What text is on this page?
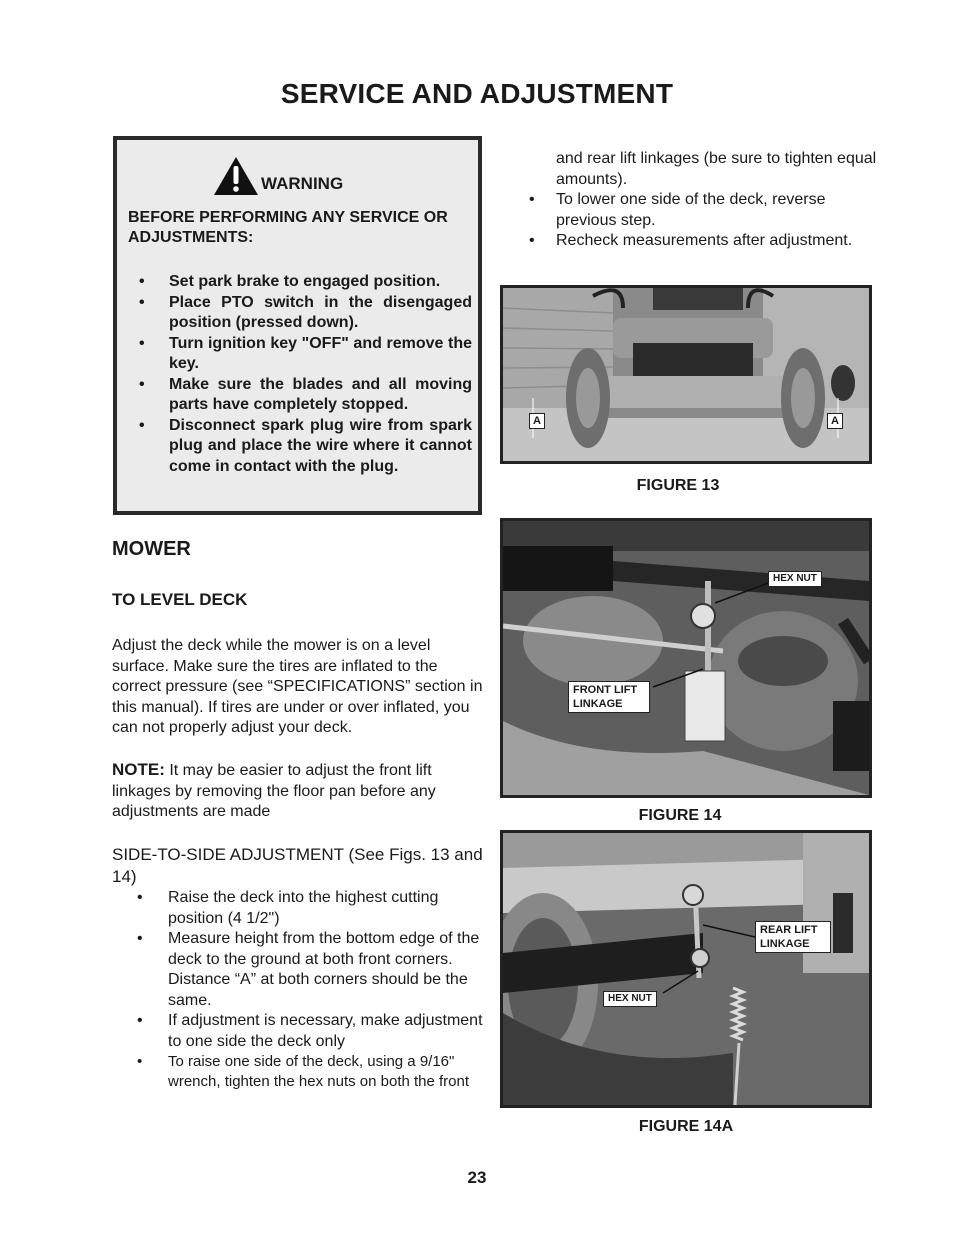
SERVICE AND ADJUSTMENT
WARNING
BEFORE PERFORMING ANY SERVICE OR ADJUSTMENTS:
•	Set park brake to engaged position.
•	Place PTO switch in the disengaged position (pressed down).
•	Turn ignition key "OFF" and remove the key.
•	Make sure the blades and all moving parts have completely stopped.
•	Disconnect spark plug wire from spark plug and place the wire where it cannot come in contact with the plug.
MOWER
TO LEVEL DECK
Adjust the deck while the mower is on a level surface. Make sure the tires are inflated to the correct pressure (see “SPECIFICATIONS” section in this manual). If tires are under or over inflated, you can not properly adjust your deck.
NOTE: It may be easier to adjust the front lift linkages by removing the floor pan before any adjustments are made
SIDE-TO-SIDE ADJUSTMENT (See Figs. 13 and 14)
•	Raise the deck into the highest cutting position (4 1/2")
•	Measure height from the bottom edge of the deck to the ground at both front corners. Distance “A” at both corners should be the same.
•	If adjustment is necessary, make adjustment to one side the deck only
•	To raise one side of the deck, using a 9/16" wrench, tighten the hex nuts on both the front
and rear lift linkages (be sure to tighten equal amounts).
•	To lower one side of the deck, reverse previous step.
•	Recheck measurements after adjustment.
A	A
FIGURE 13
HEX NUT
FRONT LIFT
LINKAGE
FIGURE 14
REAR LIFT
LINKAGE
HEX NUT
FIGURE 14A
23
